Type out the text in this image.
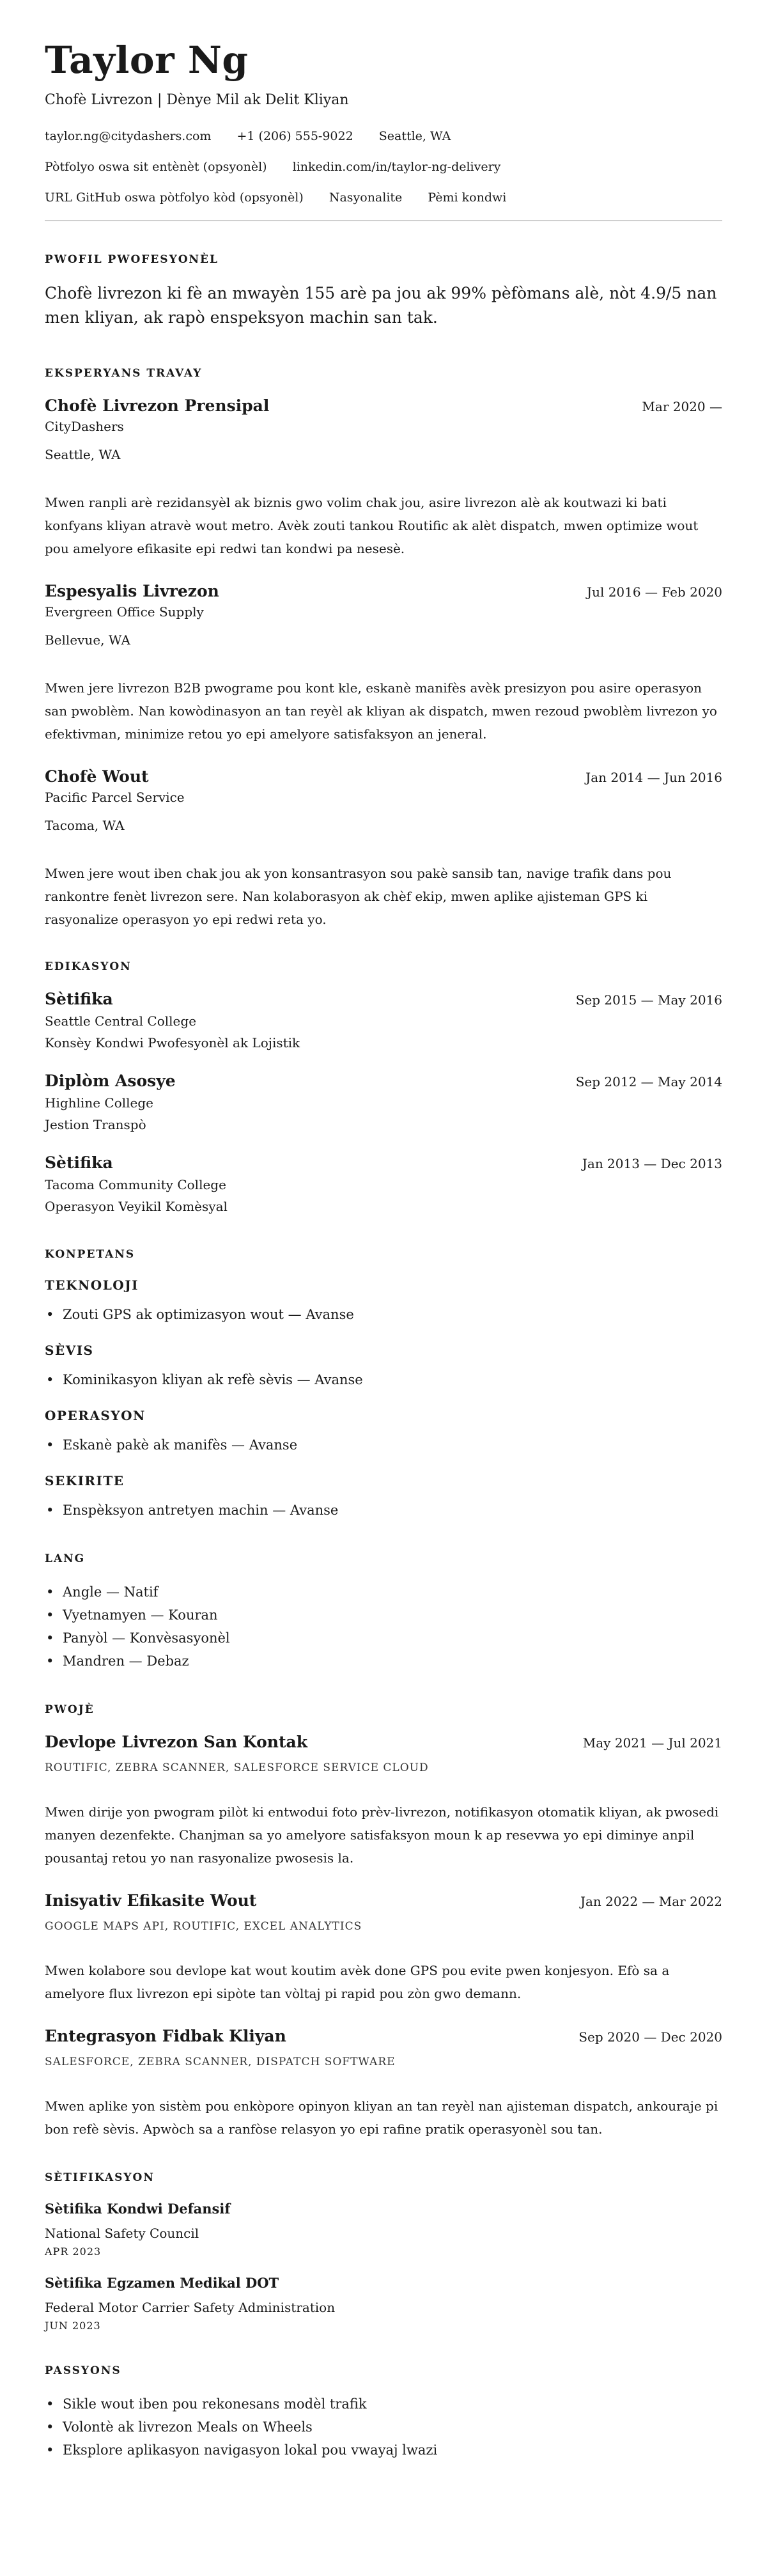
Taylor Ng
Chofè Livrezon | Dènye Mil ak Delit Kliyan
taylor.ng@citydashers.com +1 (206) 555-9022 Seattle, WA
Pòtfolyo oswa sit entènèt (opsyonèl) linkedin.com/in/taylor-ng-delivery
URL GitHub oswa pòtfolyo kòd (opsyonèl) Nasyonalite Pèmi kondwi
PWOFIL PWOFESYONÈL

Chofè livrezon ki fè an mwayèn 155 arè pa jou ak 99% pèfòmans alè, nòt 4.9/5 nan men kliyan, ak rapò enspeksyon machin san tak.

EKSPERYANS TRAVAY
Chofè Livrezon Prensipal	Mar 2020 —
CityDashers
Seattle, WA

Mwen ranpli arè rezidansyèl ak biznis gwo volim chak jou, asire livrezon alè ak koutwazi ki bati konfyans kliyan atravè wout metro. Avèk zouti tankou Routific ak alèt dispatch, mwen optimize wout pou amelyore efikasite epi redwi tan kondwi pa nesesè.

Espesyalis Livrezon	Jul 2016 — Feb 2020
Evergreen Office Supply
Bellevue, WA

Mwen jere livrezon B2B pwograme pou kont kle, eskanè manifès avèk presizyon pou asire operasyon san pwoblèm. Nan kowòdinasyon an tan reyèl ak kliyan ak dispatch, mwen rezoud pwoblèm livrezon yo efektivman, minimize retou yo epi amelyore satisfaksyon an jeneral.

Chofè Wout	Jan 2014 — Jun 2016
Pacific Parcel Service
Tacoma, WA

Mwen jere wout iben chak jou ak yon konsantrasyon sou pakè sansib tan, navige trafik dans pou rankontre fenèt livrezon sere. Nan kolaborasyon ak chèf ekip, mwen aplike ajisteman GPS ki rasyonalize operasyon yo epi redwi reta yo.

EDIKASYON
Sètifika	Sep 2015 — May 2016
Seattle Central College
Konsèy Kondwi Pwofesyonèl ak Lojistik
Diplòm Asosye	Sep 2012 — May 2014
Highline College
Jestion Transpò
Sètifika	Jan 2013 — Dec 2013
Tacoma Community College
Operasyon Veyikil Komèsyal
KONPETANS
TEKNOLOJI
• Zouti GPS ak optimizasyon wout — Avanse
SÈVIS
• Kominikasyon kliyan ak refè sèvis — Avanse
OPERASYON
• Eskanè pakè ak manifès — Avanse
SEKIRITE
• Enspèksyon antretyen machin — Avanse
LANG
• Angle — Natif
• Vyetnamyen — Kouran
• Panyòl — Konvèsasyonèl
• Mandren — Debaz
PWOJÈ
Devlope Livrezon San Kontak	May 2021 — Jul 2021
ROUTIFIC, ZEBRA SCANNER, SALESFORCE SERVICE CLOUD

Mwen dirije yon pwogram pilòt ki entwodui foto prèv-livrezon, notifikasyon otomatik kliyan, ak pwosedi manyen dezenfekte. Chanjman sa yo amelyore satisfaksyon moun k ap resevwa yo epi diminye anpil pousantaj retou yo nan rasyonalize pwosesis la.

Inisyativ Efikasite Wout	Jan 2022 — Mar 2022
GOOGLE MAPS API, ROUTIFIC, EXCEL ANALYTICS

Mwen kolabore sou devlope kat wout koutim avèk done GPS pou evite pwen konjesyon. Efò sa a amelyore flux livrezon epi sipòte tan vòltaj pi rapid pou zòn gwo demann.

Entegrasyon Fidbak Kliyan	Sep 2020 — Dec 2020
SALESFORCE, ZEBRA SCANNER, DISPATCH SOFTWARE

Mwen aplike yon sistèm pou enkòpore opinyon kliyan an tan reyèl nan ajisteman dispatch, ankouraje pi bon refè sèvis. Apwòch sa a ranfòse relasyon yo epi rafine pratik operasyonèl sou tan.

SÈTIFIKASYON
Sètifika Kondwi Defansif
National Safety Council
APR 2023
Sètifika Egzamen Medikal DOT
Federal Motor Carrier Safety Administration
JUN 2023
PASSYONS
• Sikle wout iben pou rekonesans modèl trafik
• Volontè ak livrezon Meals on Wheels
• Eksplore aplikasyon navigasyon lokal pou vwayaj lwazi
